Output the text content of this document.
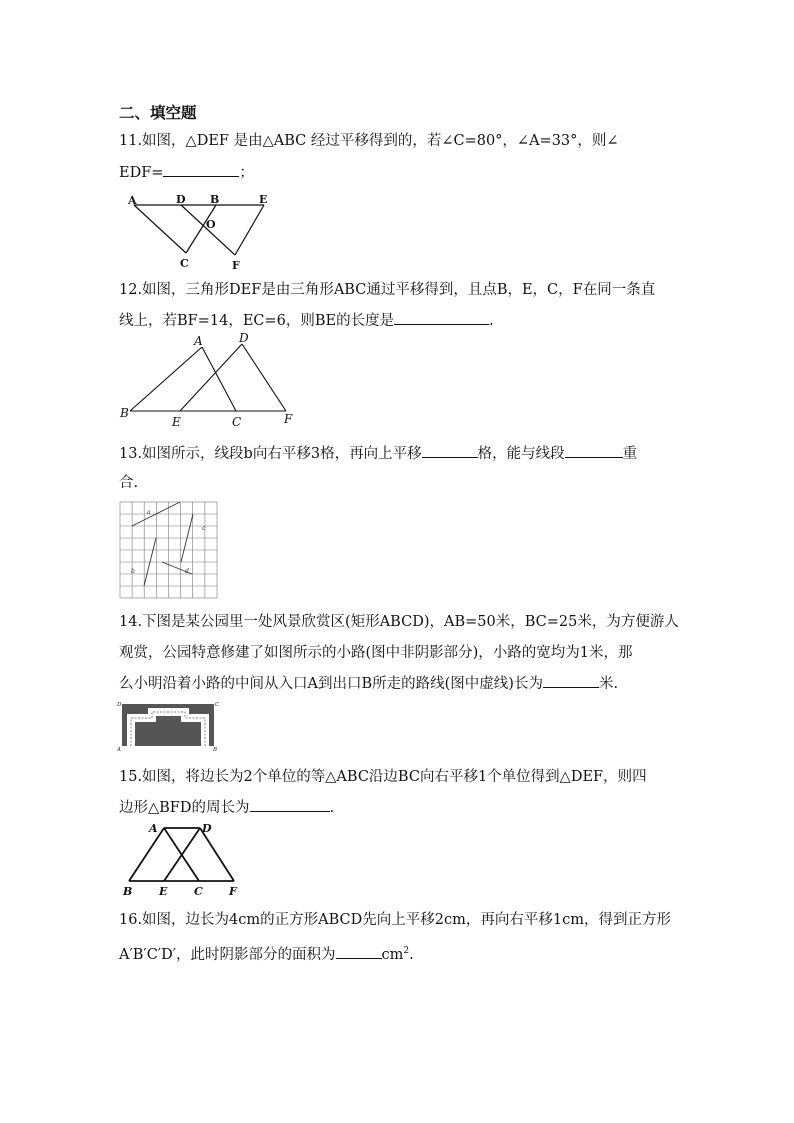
二、填空题
11.如图，△DEF 是由△ABC 经过平移得到的，若∠C=80°，∠A=33°，则∠
EDF=	；
A	D B	E
O
C	F
12.如图，三角形DEF是由三角形ABC通过平移得到，且点B，E，C，F在同一条直
线上，若BF=14，EC=6，则BE的长度是	.
A	D
B
E	C	F
13.如图所示，线段b向右平移3格，再向上平移	格，能与线段	重
合.
a
c
b	d
14.下图是某公园里一处风景欣赏区(矩形ABCD)，AB=50米，BC=25米，为方便游人
观赏，公园特意修建了如图所示的小路(图中非阴影部分)，小路的宽均为1米，那
么小明沿着小路的中间从入口A到出口B所走的路线(图中虚线)长为	米.
D	C
A	B
15.如图，将边长为2个单位的等△ABC沿边BC向右平移1个单位得到△DEF，则四
边形△BFD的周长为	.
A	D
B E C F
16.如图，边长为4cm的正方形ABCD先向上平移2cm，再向右平移1cm，得到正方形
A′B′C′D′，此时阴影部分的面积为	$cm^2$.
